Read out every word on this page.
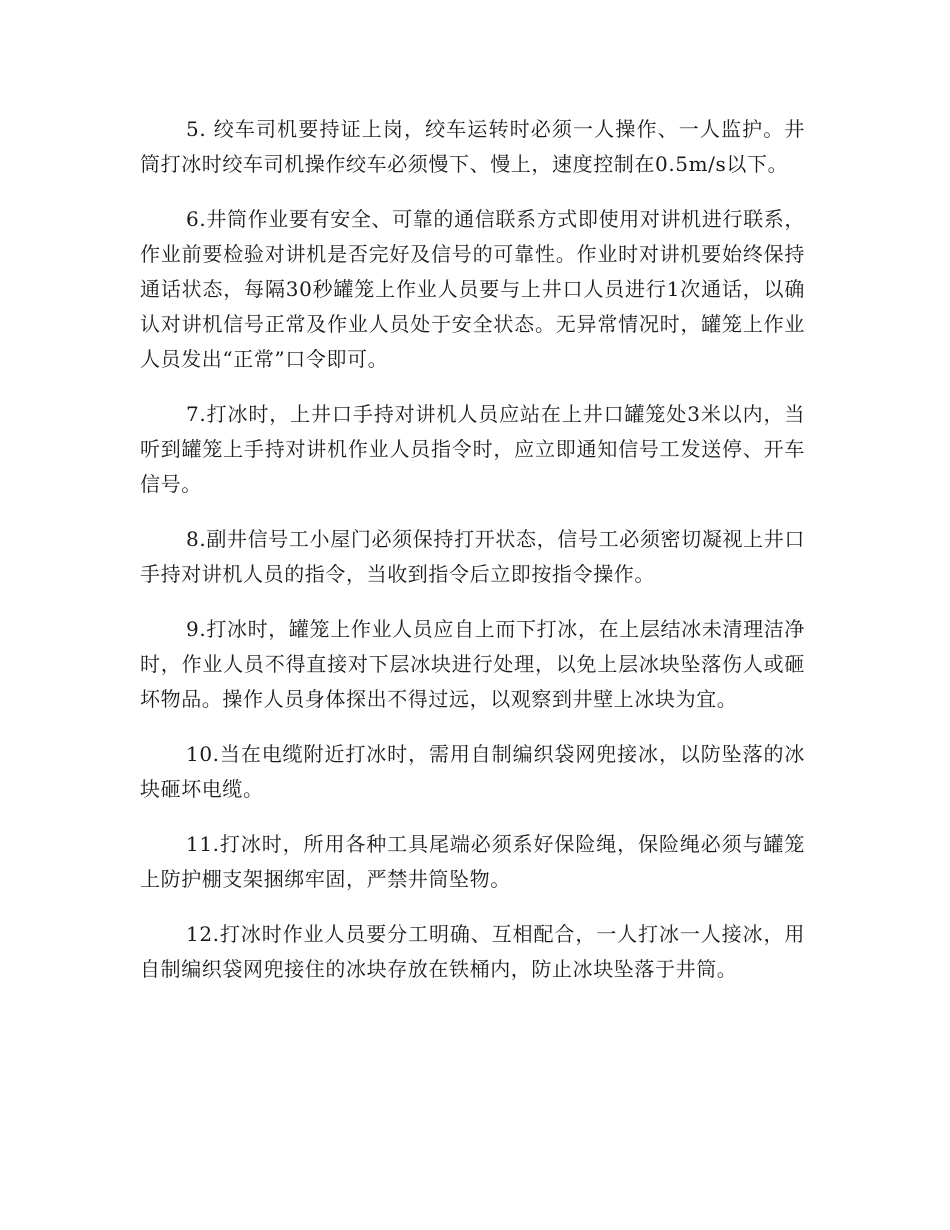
5. 绞车司机要持证上岗，绞车运转时必须一人操作、一人监护。井筒打冰时绞车司机操作绞车必须慢下、慢上，速度控制在0.5m/s以下。

6.井筒作业要有安全、可靠的通信联系方式即使用对讲机进行联系，作业前要检验对讲机是否完好及信号的可靠性。作业时对讲机要始终保持通话状态，每隔30秒罐笼上作业人员要与上井口人员进行1次通话，以确认对讲机信号正常及作业人员处于安全状态。无异常情况时，罐笼上作业人员发出“正常”口令即可。

7.打冰时，上井口手持对讲机人员应站在上井口罐笼处3米以内，当听到罐笼上手持对讲机作业人员指令时，应立即通知信号工发送停、开车信号。

8.副井信号工小屋门必须保持打开状态，信号工必须密切凝视上井口手持对讲机人员的指令，当收到指令后立即按指令操作。

9.打冰时，罐笼上作业人员应自上而下打冰，在上层结冰未清理洁净时，作业人员不得直接对下层冰块进行处理，以免上层冰块坠落伤人或砸坏物品。操作人员身体探出不得过远，以观察到井壁上冰块为宜。

10.当在电缆附近打冰时，需用自制编织袋网兜接冰，以防坠落的冰块砸坏电缆。

11.打冰时，所用各种工具尾端必须系好保险绳，保险绳必须与罐笼上防护棚支架捆绑牢固，严禁井筒坠物。

12.打冰时作业人员要分工明确、互相配合，一人打冰一人接冰，用自制编织袋网兜接住的冰块存放在铁桶内，防止冰块坠落于井筒。
